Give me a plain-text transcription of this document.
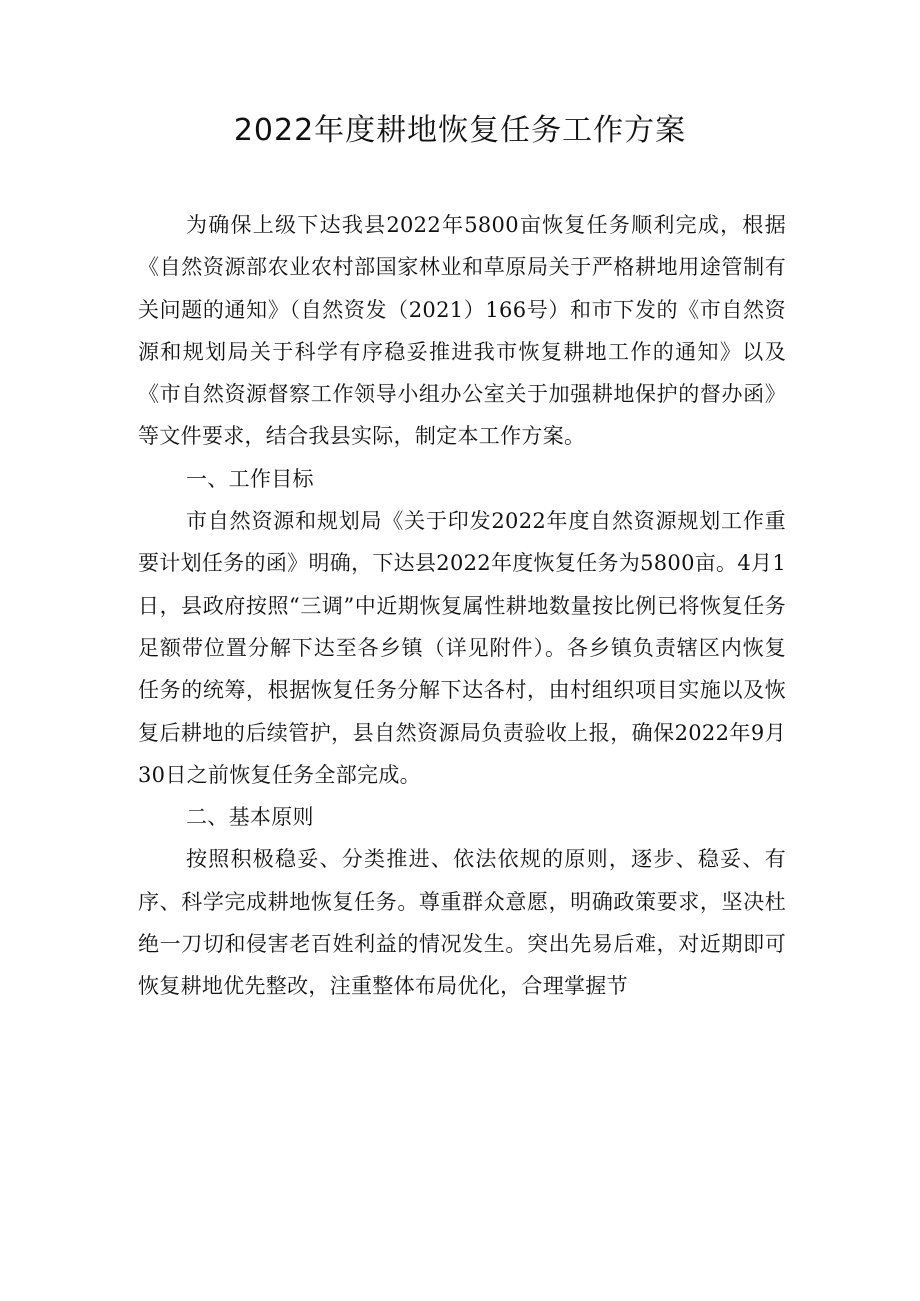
2022年度耕地恢复任务工作方案

为确保上级下达我县2022年5800亩恢复任务顺利完成，根据《自然资源部农业农村部国家林业和草原局关于严格耕地用途管制有关问题的通知》（自然资发（2021）166号）和市下发的《市自然资源和规划局关于科学有序稳妥推进我市恢复耕地工作的通知》以及《市自然资源督察工作领导小组办公室关于加强耕地保护的督办函》等文件要求，结合我县实际，制定本工作方案。

一、工作目标

市自然资源和规划局《关于印发2022年度自然资源规划工作重要计划任务的函》明确，下达县2022年度恢复任务为5800亩。4月1日，县政府按照“三调”中近期恢复属性耕地数量按比例已将恢复任务足额带位置分解下达至各乡镇（详见附件）。各乡镇负责辖区内恢复任务的统筹，根据恢复任务分解下达各村，由村组织项目实施以及恢复后耕地的后续管护，县自然资源局负责验收上报，确保2022年9月30日之前恢复任务全部完成。

二、基本原则

按照积极稳妥、分类推进、依法依规的原则，逐步、稳妥、有序、科学完成耕地恢复任务。尊重群众意愿，明确政策要求，坚决杜绝一刀切和侵害老百姓利益的情况发生。突出先易后难，对近期即可恢复耕地优先整改，注重整体布局优化，合理掌握节
